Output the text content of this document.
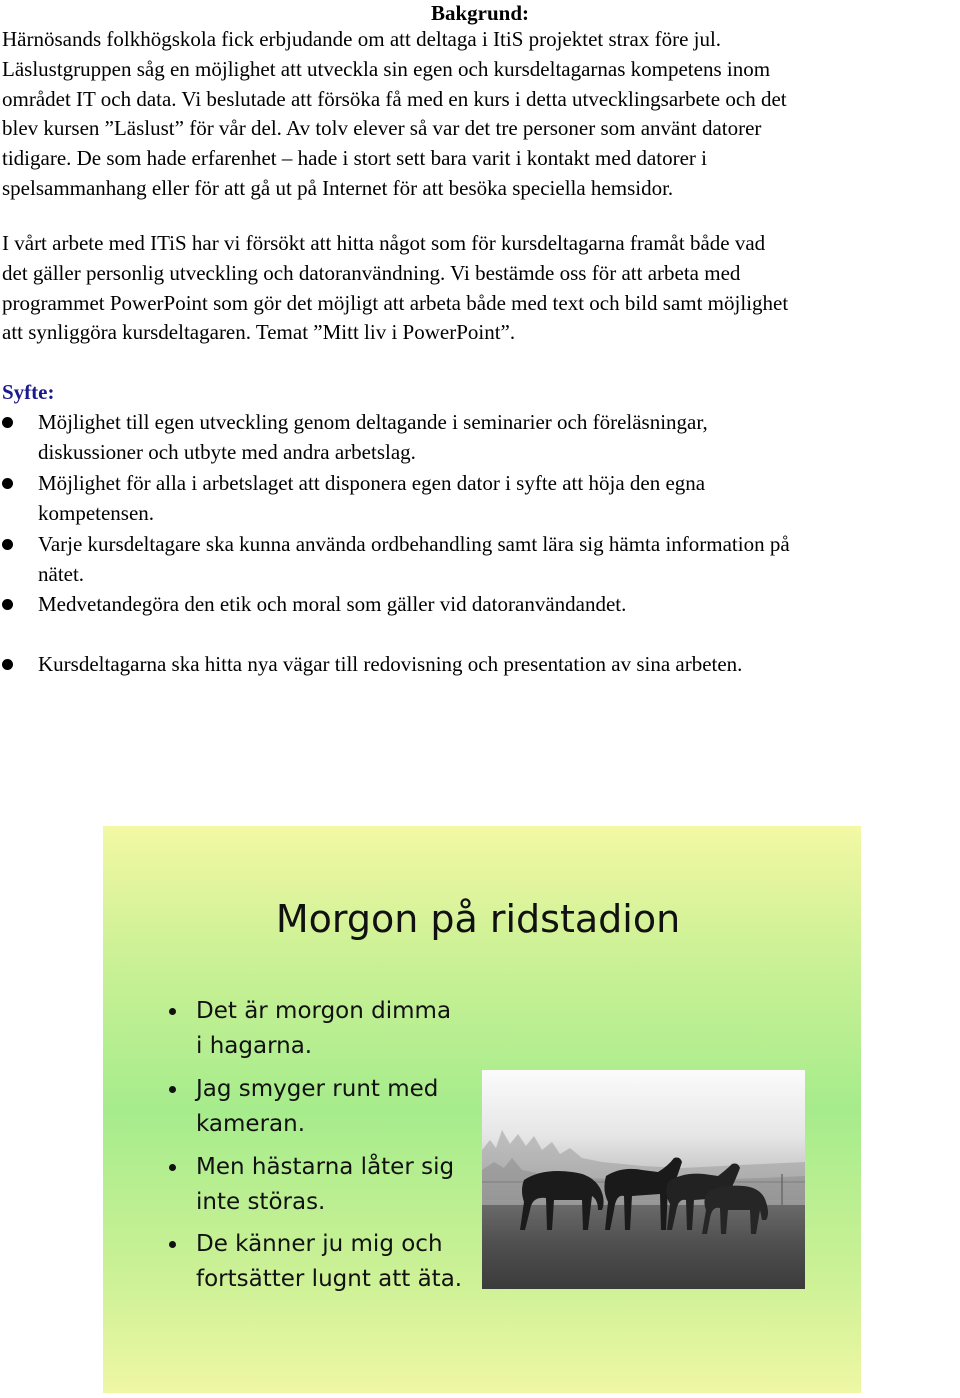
Bakgrund:

Härnösands folkhögskola fick erbjudande om att deltaga i ItiS projektet strax före jul.
Läslustgruppen såg en möjlighet att utveckla sin egen och kursdeltagarnas kompetens inom
området IT och data. Vi beslutade att försöka få med en kurs i detta utvecklingsarbete och det
blev kursen ”Läslust” för vår del. Av tolv elever så var det tre personer som använt datorer
tidigare. De som hade erfarenhet – hade i stort sett bara varit i kontakt med datorer i
spelsammanhang eller för att gå ut på Internet för att besöka speciella hemsidor.

I vårt arbete med ITiS har vi försökt att hitta något som för kursdeltagarna framåt både vad
det gäller personlig utveckling och datoranvändning. Vi bestämde oss för att arbeta med
programmet PowerPoint som gör det möjligt att arbeta både med text och bild samt möjlighet
att synliggöra kursdeltagaren. Temat ”Mitt liv i PowerPoint”.

Syfte:
Möjlighet till egen utveckling genom deltagande i seminarier och föreläsningar,
diskussioner och utbyte med andra arbetslag.
Möjlighet för alla i arbetslaget att disponera egen dator i syfte att höja den egna
kompetensen.
Varje kursdeltagare ska kunna använda ordbehandling samt lära sig hämta information på
nätet.
Medvetandegöra den etik och moral som gäller vid datoranvändandet.
Kursdeltagarna ska hitta nya vägar till redovisning och presentation av sina arbeten.
Morgon på ridstadion
Det är morgon dimma
i hagarna.
Jag smyger runt med
kameran.
Men hästarna låter sig
inte störas.
De känner ju mig och
fortsätter lugnt att äta.
